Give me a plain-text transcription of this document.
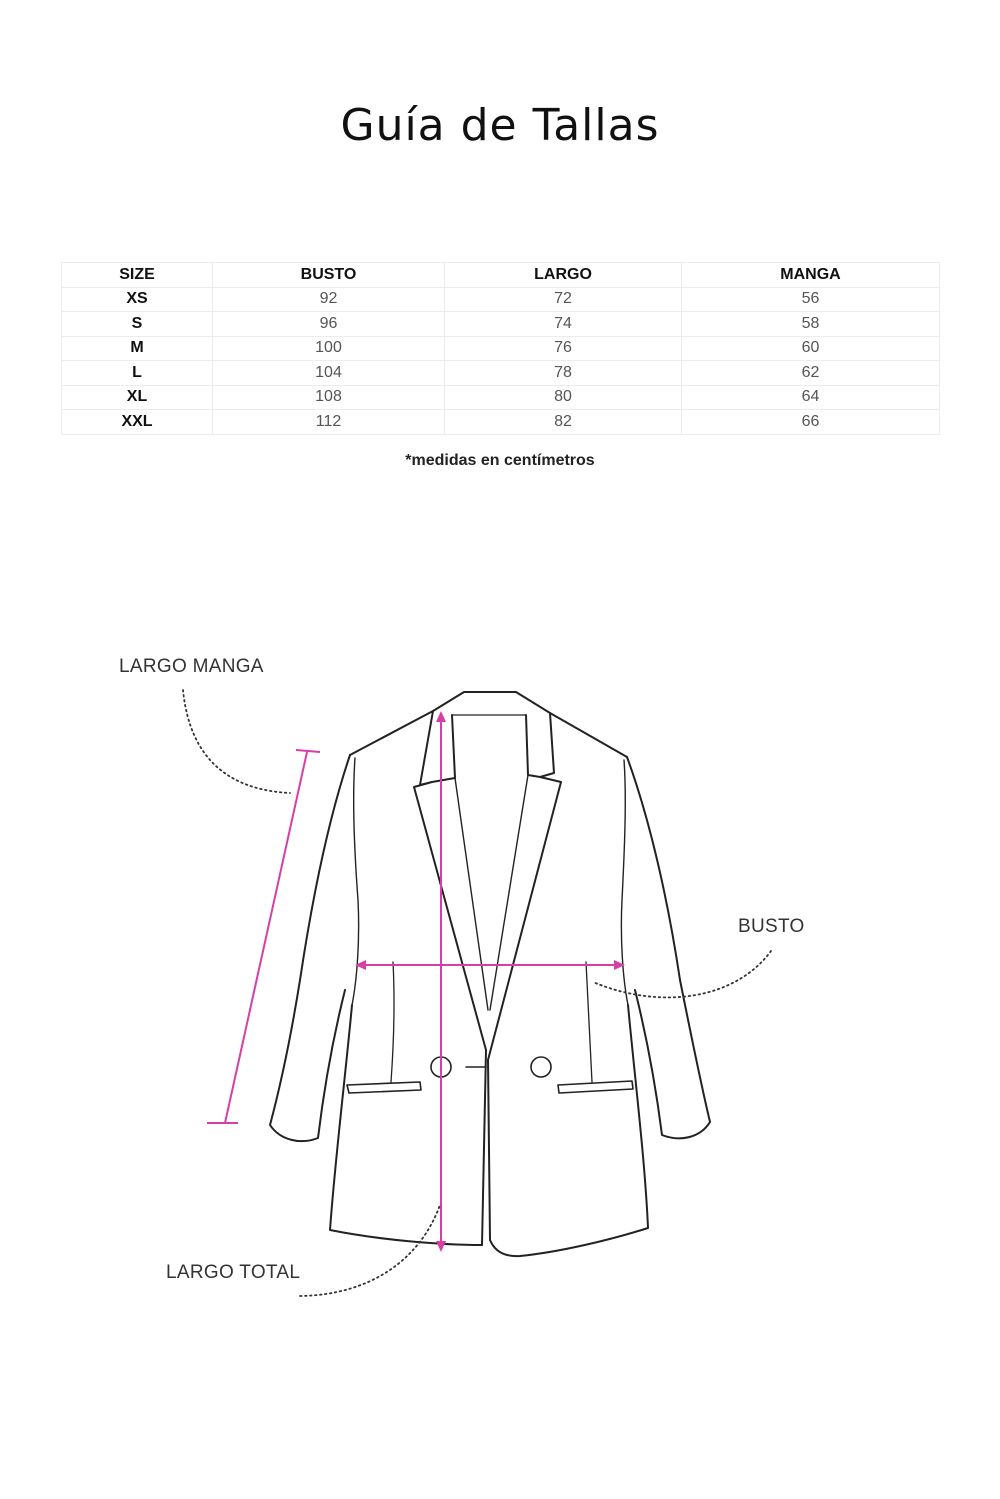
Guía de Tallas
SIZE	BUSTO	LARGO	MANGA
XS	92	72	56
S	96	74	58
M	100	76	60
L	104	78	62
XL	108	80	64
XXL	112	82	66
*medidas en centímetros
LARGO MANGA
BUSTO
LARGO TOTAL
